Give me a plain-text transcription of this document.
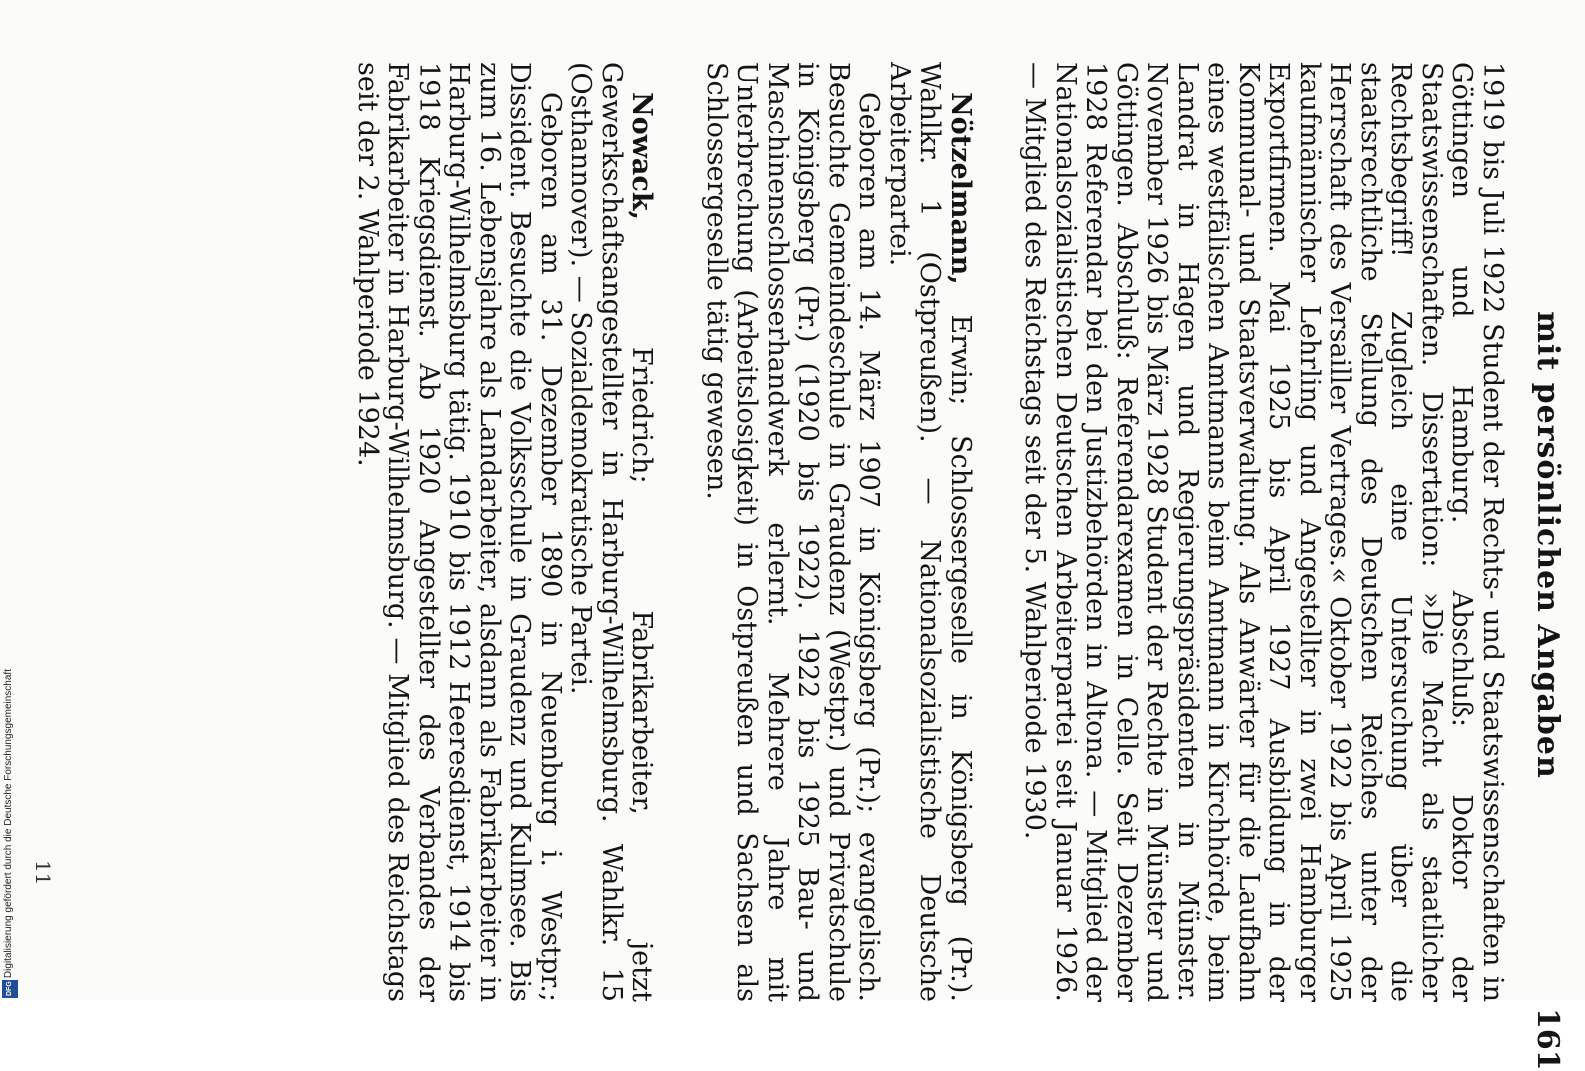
Digitalisierung gefördert durch die Deutsche Forschungsgemeinschaft
DFG
mit persönlichen Angaben
161

1919 bis Juli 1922 Student der Rechts- und Staatswissenschaften in Göttingen und Hamburg. Abschluß: Doktor der Staatswissenschaften. Dissertation: »Die Macht als staatlicher Rechtsbegriff! Zugleich eine Untersuchung über die staatsrechtliche Stellung des Deutschen Reiches unter der Herrschaft des Versailler Vertrages.« Oktober 1922 bis April 1925 kaufmännischer Lehrling und Angestellter in zwei Hamburger Exportfirmen. Mai 1925 bis April 1927 Ausbildung in der Kommunal- und Staatsverwaltung. Als Anwärter für die Laufbahn eines westfälischen Amtmanns beim Amtmann in Kirchhörde, beim Landrat in Hagen und Regierungspräsidenten in Münster. November 1926 bis März 1928 Student der Rechte in Münster und Göttingen. Abschluß: Referendarexamen in Celle. Seit Dezember 1928 Referendar bei den Justizbehörden in Altona. — Mitglied der Nationalsozialistischen Deutschen Arbeiterpartei seit Januar 1926. — Mitglied des Reichstags seit der 5. Wahlperiode 1930.

Nötzelmann, Erwin; Schlossergeselle in Königsberg (Pr.). Wahlkr. 1 (Ostpreußen). — Nationalsozialistische Deutsche Arbeiterpartei.

Geboren am 14. März 1907 in Königsberg (Pr.); evangelisch. Besuchte Gemeindeschule in Graudenz (Westpr.) und Privatschule in Königsberg (Pr.) (1920 bis 1922). 1922 bis 1925 Bau- und Maschinenschlosserhandwerk erlernt. Mehrere Jahre mit Unterbrechung (Arbeitslosigkeit) in Ostpreußen und Sachsen als Schlossergeselle tätig gewesen.

Nowack, Friedrich; Fabrikarbeiter, jetzt Gewerkschaftsangestellter in Harburg-Wilhelmsburg. Wahlkr. 15 (Osthannover). — Sozialdemokratische Partei.

Geboren am 31. Dezember 1890 in Neuenburg i. Westpr.; Dissident. Besuchte die Volksschule in Graudenz und Kulmsee. Bis zum 16. Lebensjahre als Landarbeiter, alsdann als Fabrikarbeiter in Harburg-Wilhelmsburg tätig. 1910 bis 1912 Heeresdienst, 1914 bis 1918 Kriegsdienst. Ab 1920 Angestellter des Verbandes der Fabrikarbeiter in Harburg-Wilhelmsburg. — Mitglied des Reichstags seit der 2. Wahlperiode 1924.

11
